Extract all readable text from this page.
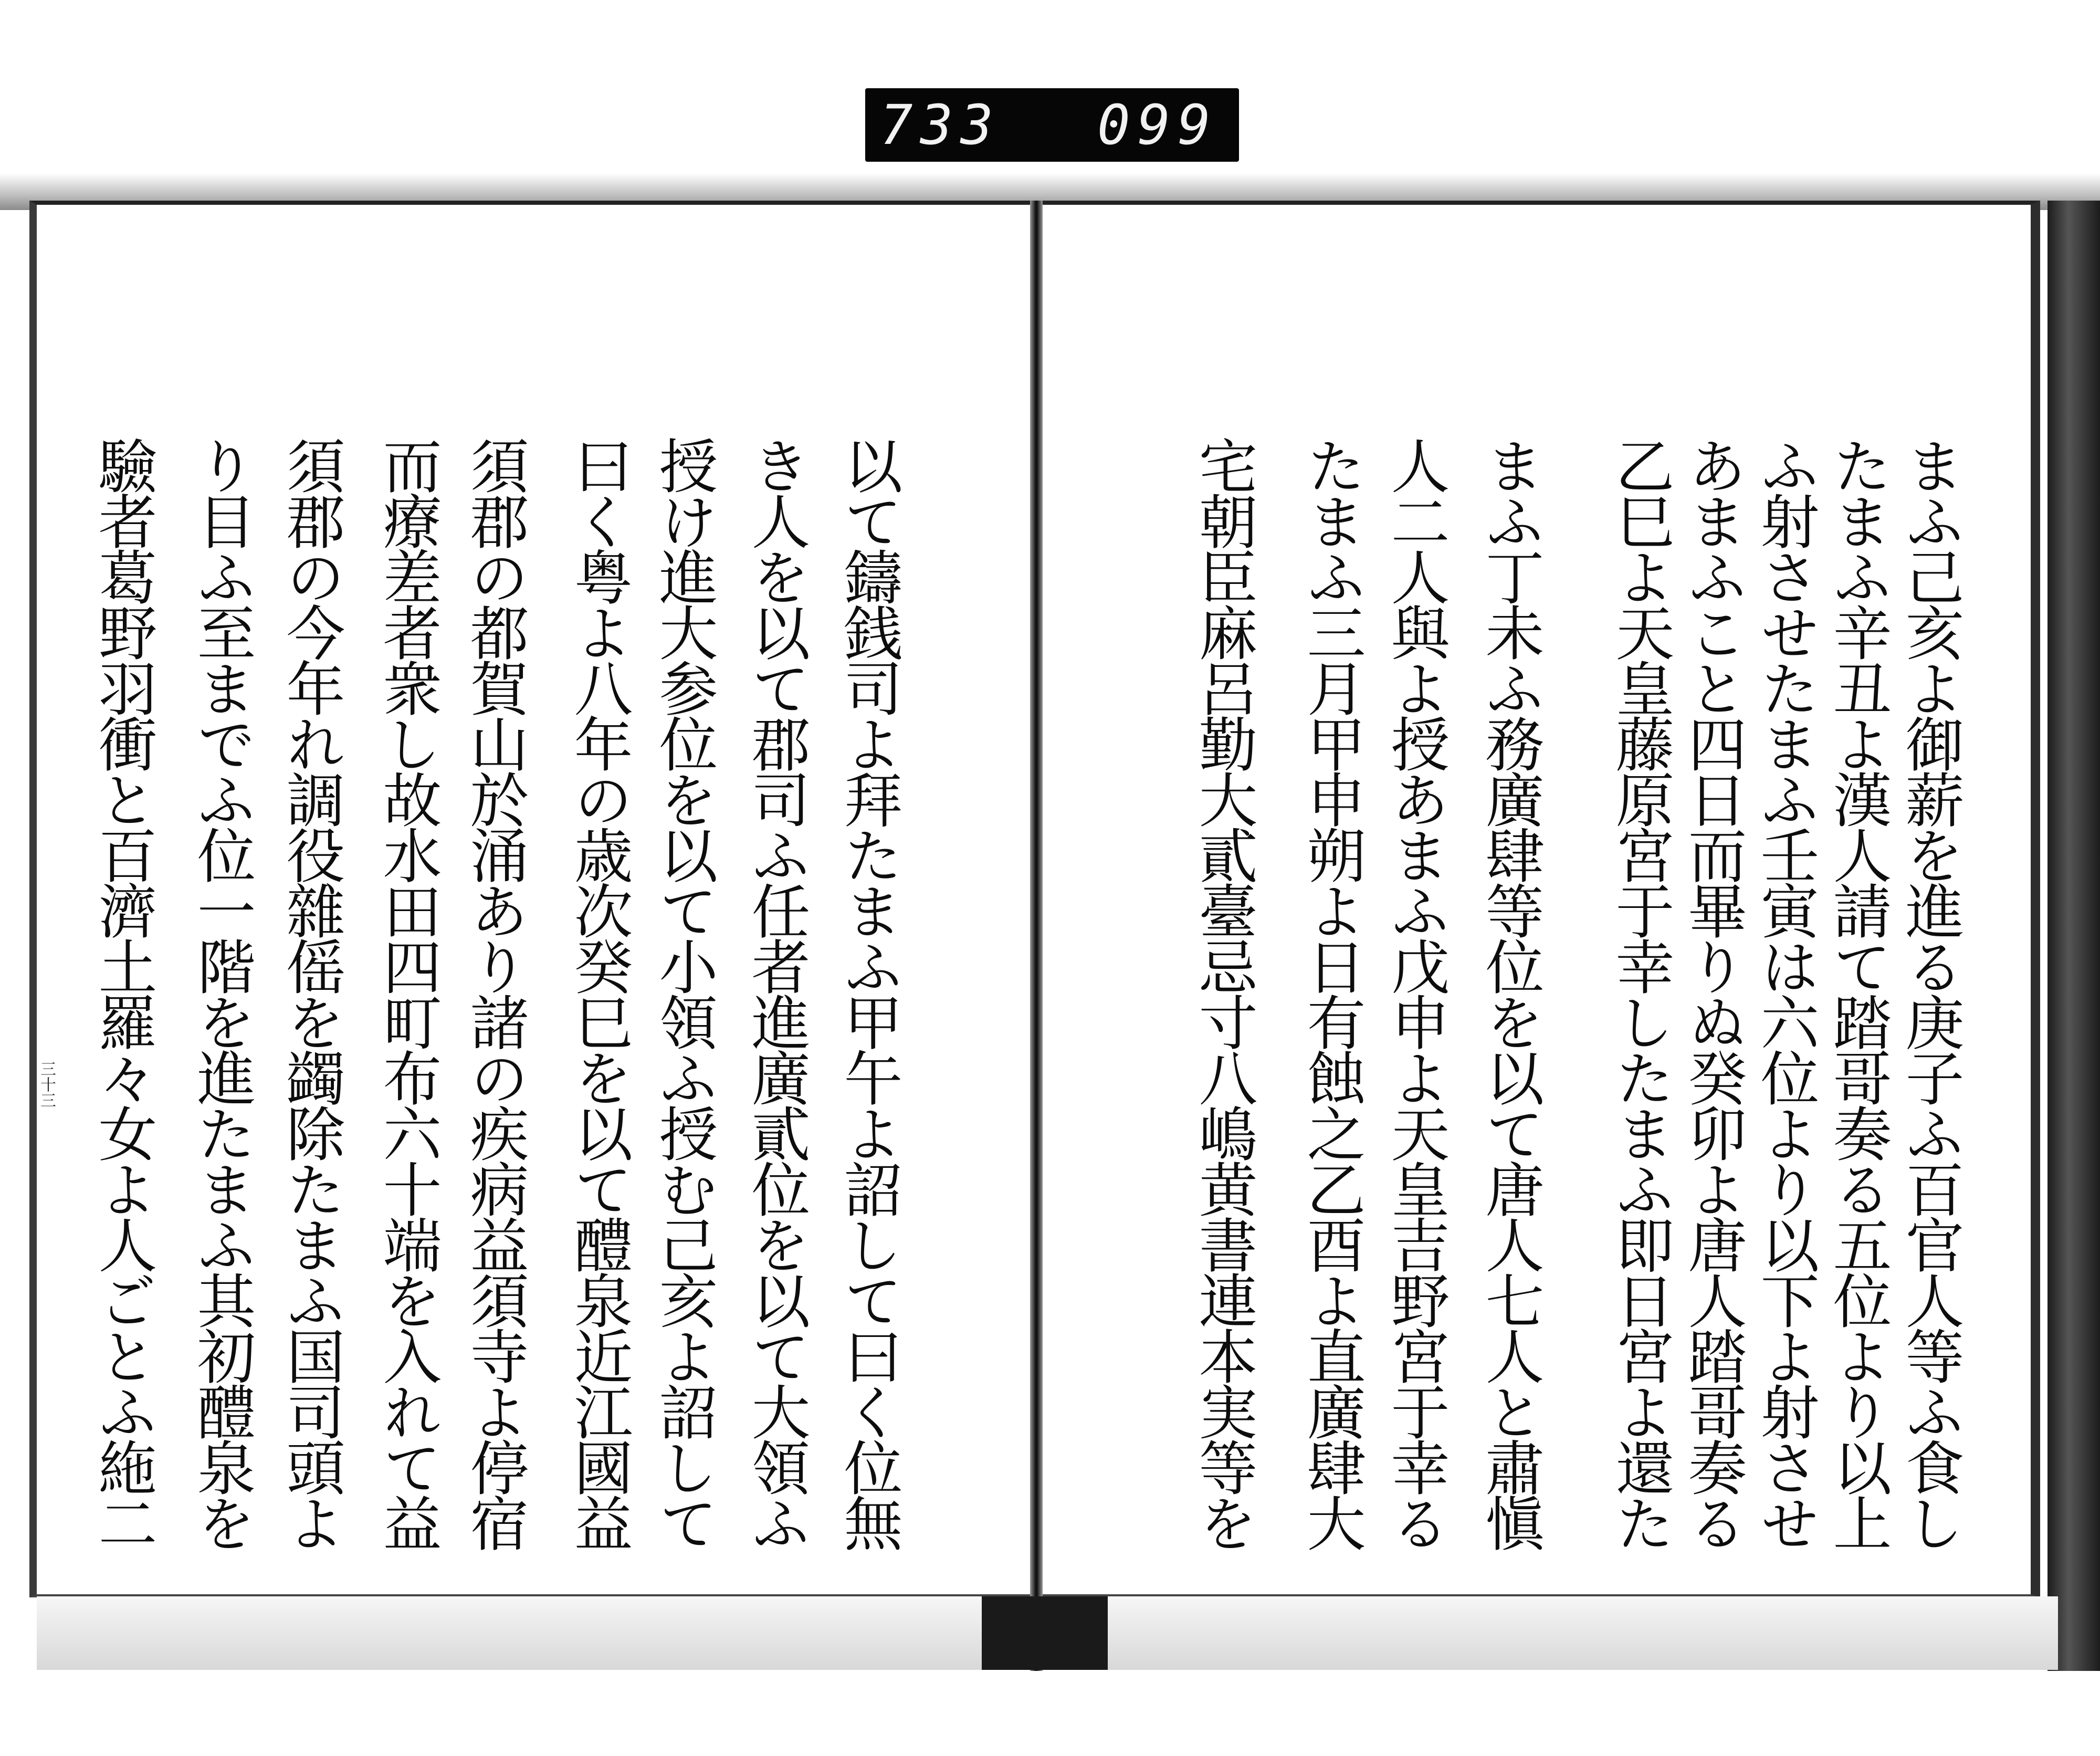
733 099
三十三	まふ己亥よ御薪を進る庚子ふ百官人等ふ食し
たまふ辛丑よ漢人請て踏哥奏る五位より以上
ふ射させたまふ壬寅は六位より以下よ射させ
あまふこと四日而畢りぬ癸卯よ唐人踏哥奏る
乙巳よ天皇藤原宮于幸したまふ即日宮よ還た
まふ丁未ふ務廣肆等位を以て唐人七人と肅愼
人二人與よ授あまふ戊申よ天皇吉野宮于幸る
たまふ三月甲申朔よ日有蝕之乙酉よ直廣肆大
宅朝臣麻呂勤大貳臺忌寸八嶋黄書連本実等を
以て鑄銭司よ拜たまふ甲午よ詔して曰く位無
き人を以て郡司ふ任者進廣貳位を以て大領ふ
授け進大参位を以て小領ふ授む己亥よ詔して
曰く粤よ八年の歳次癸巳を以て醴泉近江國益
須郡の都賀山於涌あり諸の疾病益須寺よ停宿
而療差者衆し故水田四町布六十端を入れて益
須郡の今年れ調役雜傜を蠲除たまふ国司頭よ
り目ふ至までふ位一階を進たまふ其初醴泉を
驗者葛野羽衝と百濟土羅々女よ人ごとふ絁二
